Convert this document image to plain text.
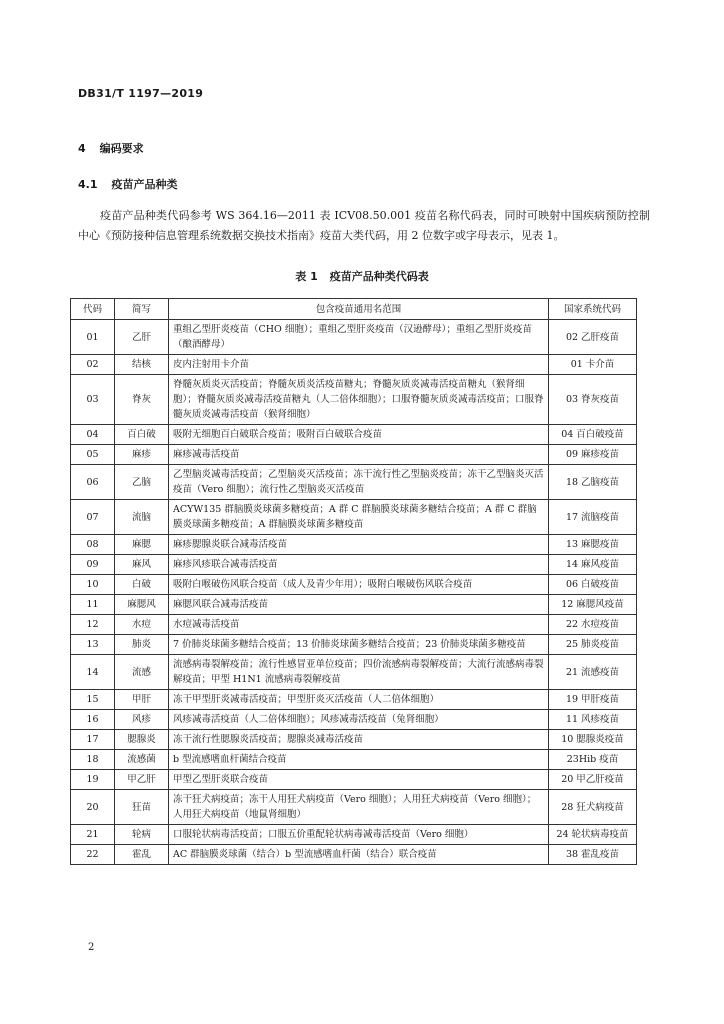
DB31/T 1197—2019
4 编码要求
4.1 疫苗产品种类
疫苗产品种类代码参考 WS 364.16—2011 表 ICV08.50.001 疫苗名称代码表，同时可映射中国疾病预防控制中心《预防接种信息管理系统数据交换技术指南》疫苗大类代码，用 2 位数字或字母表示，见表 1。
表 1 疫苗产品种类代码表
代码	简写	包含疫苗通用名范围	国家系统代码
01	乙肝	重组乙型肝炎疫苗（CHO 细胞）；重组乙型肝炎疫苗（汉逊酵母）；重组乙型肝炎疫苗（酿酒酵母）	02 乙肝疫苗
02	结核	皮内注射用卡介苗	01 卡介苗
03	脊灰	脊髓灰质炎灭活疫苗；脊髓灰质炎活疫苗糖丸；脊髓灰质炎减毒活疫苗糖丸（猴肾细胞）；脊髓灰质炎减毒活疫苗糖丸（人二倍体细胞）；口服脊髓灰质炎减毒活疫苗；口服脊髓灰质炎减毒活疫苗（猴肾细胞）	03 脊灰疫苗
04	百白破	吸附无细胞百白破联合疫苗；吸附百白破联合疫苗	04 百白破疫苗
05	麻疹	麻疹减毒活疫苗	09 麻疹疫苗
06	乙脑	乙型脑炎减毒活疫苗；乙型脑炎灭活疫苗；冻干流行性乙型脑炎疫苗；冻干乙型脑炎灭活疫苗（Vero 细胞）；流行性乙型脑炎灭活疫苗	18 乙脑疫苗
07	流脑	ACYW135 群脑膜炎球菌多糖疫苗；A 群 C 群脑膜炎球菌多糖结合疫苗；A 群 C 群脑膜炎球菌多糖疫苗；A 群脑膜炎球菌多糖疫苗	17 流脑疫苗
08	麻腮	麻疹腮腺炎联合减毒活疫苗	13 麻腮疫苗
09	麻风	麻疹风疹联合减毒活疫苗	14 麻风疫苗
10	白破	吸附白喉破伤风联合疫苗（成人及青少年用）；吸附白喉破伤风联合疫苗	06 白破疫苗
11	麻腮风	麻腮风联合减毒活疫苗	12 麻腮风疫苗
12	水痘	水痘减毒活疫苗	22 水痘疫苗
13	肺炎	7 价肺炎球菌多糖结合疫苗；13 价肺炎球菌多糖结合疫苗；23 价肺炎球菌多糖疫苗	25 肺炎疫苗
14	流感	流感病毒裂解疫苗；流行性感冒亚单位疫苗；四价流感病毒裂解疫苗；大流行流感病毒裂解疫苗；甲型 H1N1 流感病毒裂解疫苗	21 流感疫苗
15	甲肝	冻干甲型肝炎减毒活疫苗；甲型肝炎灭活疫苗（人二倍体细胞）	19 甲肝疫苗
16	风疹	风疹减毒活疫苗（人二倍体细胞）；风疹减毒活疫苗（兔肾细胞）	11 风疹疫苗
17	腮腺炎	冻干流行性腮腺炎活疫苗；腮腺炎减毒活疫苗	10 腮腺炎疫苗
18	流感菌	b 型流感嗜血杆菌结合疫苗	23Hib 疫苗
19	甲乙肝	甲型乙型肝炎联合疫苗	20 甲乙肝疫苗
20	狂苗	冻干狂犬病疫苗；冻干人用狂犬病疫苗（Vero 细胞）；人用狂犬病疫苗（Vero 细胞）；人用狂犬病疫苗（地鼠肾细胞）	28 狂犬病疫苗
21	轮病	口服轮状病毒活疫苗；口服五价重配轮状病毒减毒活疫苗（Vero 细胞）	24 轮状病毒疫苗
22	霍乱	AC 群脑膜炎球菌（结合）b 型流感嗜血杆菌（结合）联合疫苗	38 霍乱疫苗
2
